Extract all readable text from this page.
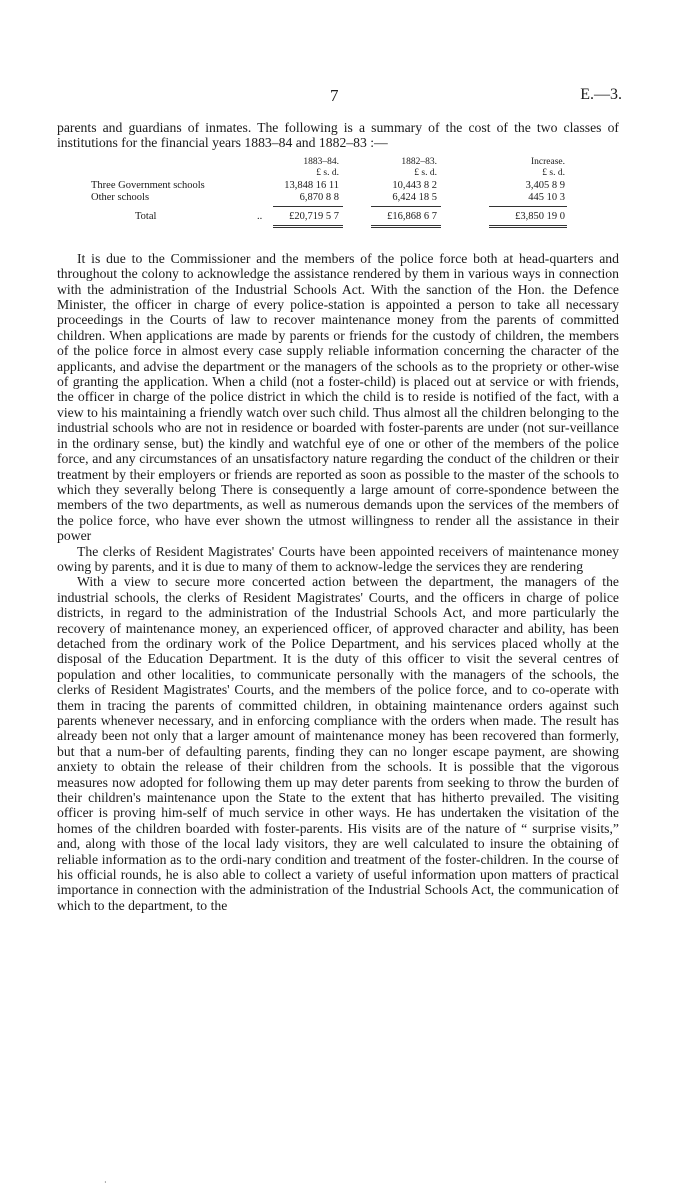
7	E.—3.

parents and guardians of inmates. The following is a summary of the cost of the two classes of institutions for the financial years 1883–84 and 1882–83 :—

1883–84.	1882–83.	Increase.
£ s. d.	£ s. d.	£ s. d.
Three Government schools	13,848 16 11	10,443 8 2	3,405 8 9
Other schools	6,870 8 8	6,424 18 5	445 10 3
Total	..	£20,719 5 7	£16,868 6 7	£3,850 19 0

It is due to the Commissioner and the members of the police force both at head-quarters and throughout the colony to acknowledge the assistance rendered by them in various ways in connection with the administration of the Industrial Schools Act. With the sanction of the Hon. the Defence Minister, the officer in charge of every police-station is appointed a person to take all necessary proceedings in the Courts of law to recover maintenance money from the parents of committed children. When applications are made by parents or friends for the custody of children, the members of the police force in almost every case supply reliable information concerning the character of the applicants, and advise the department or the managers of the schools as to the propriety or other-wise of granting the application. When a child (not a foster-child) is placed out at service or with friends, the officer in charge of the police district in which the child is to reside is notified of the fact, with a view to his maintaining a friendly watch over such child. Thus almost all the children belonging to the industrial schools who are not in residence or boarded with foster-parents are under (not sur-veillance in the ordinary sense, but) the kindly and watchful eye of one or other of the members of the police force, and any circumstances of an unsatisfactory nature regarding the conduct of the children or their treatment by their employers or friends are reported as soon as possible to the master of the schools to which they severally belong There is consequently a large amount of corre-spondence between the members of the two departments, as well as numerous demands upon the services of the members of the police force, who have ever shown the utmost willingness to render all the assistance in their power

The clerks of Resident Magistrates' Courts have been appointed receivers of maintenance money owing by parents, and it is due to many of them to acknow-ledge the services they are rendering

With a view to secure more concerted action between the department, the managers of the industrial schools, the clerks of Resident Magistrates' Courts, and the officers in charge of police districts, in regard to the administration of the Industrial Schools Act, and more particularly the recovery of maintenance money, an experienced officer, of approved character and ability, has been detached from the ordinary work of the Police Department, and his services placed wholly at the disposal of the Education Department. It is the duty of this officer to visit the several centres of population and other localities, to communicate personally with the managers of the schools, the clerks of Resident Magistrates' Courts, and the members of the police force, and to co-operate with them in tracing the parents of committed children, in obtaining maintenance orders against such parents whenever necessary, and in enforcing compliance with the orders when made. The result has already been not only that a larger amount of maintenance money has been recovered than formerly, but that a num-ber of defaulting parents, finding they can no longer escape payment, are showing anxiety to obtain the release of their children from the schools. It is possible that the vigorous measures now adopted for following them up may deter parents from seeking to throw the burden of their children's maintenance upon the State to the extent that has hitherto prevailed. The visiting officer is proving him-self of much service in other ways. He has undertaken the visitation of the homes of the children boarded with foster-parents. His visits are of the nature of “ surprise visits,” and, along with those of the local lady visitors, they are well calculated to insure the obtaining of reliable information as to the ordi-nary condition and treatment of the foster-children. In the course of his official rounds, he is also able to collect a variety of useful information upon matters of practical importance in connection with the administration of the Industrial Schools Act, the communication of which to the department, to the

·
